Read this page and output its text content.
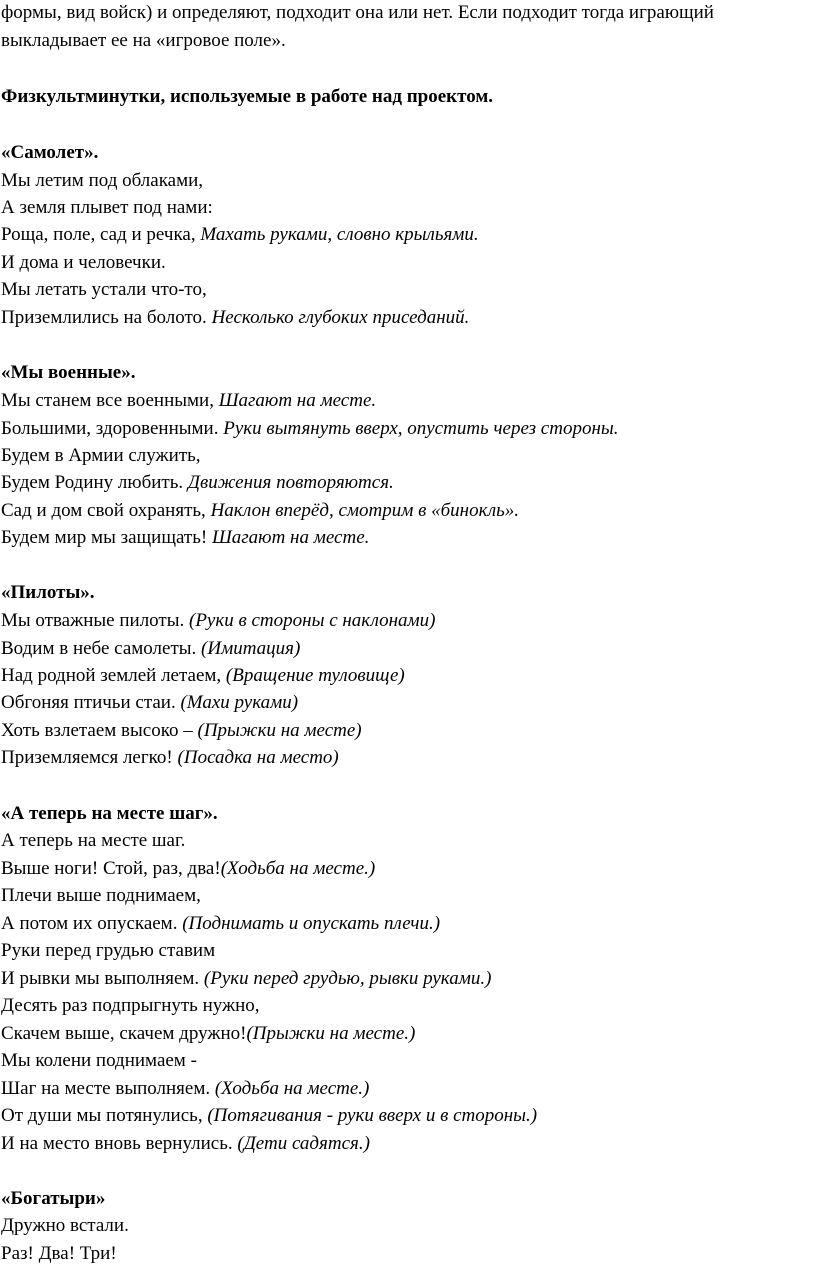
формы, вид войск) и определяют, подходит она или нет. Если подходит тогда играющий
выкладывает ее на «игровое поле».
Физкультминутки, используемые в работе над проектом.
«Самолет».
Мы летим под облаками,
А земля плывет под нами:
Роща, поле, сад и речка, Махать руками, словно крыльями.
И дома и человечки.
Мы летать устали что-то,
Приземлились на болото. Несколько глубоких приседаний.
«Мы военные».
Мы станем все военными, Шагают на месте.
Большими, здоровенными. Руки вытянуть вверх, опустить через стороны.
Будем в Армии служить,
Будем Родину любить. Движения повторяются.
Сад и дом свой охранять, Наклон вперёд, смотрим в «бинокль».
Будем мир мы защищать! Шагают на месте.
«Пилоты».
Мы отважные пилоты. (Руки в стороны с наклонами)
Водим в небе самолеты. (Имитация)
Над родной землей летаем, (Вращение туловище)
Обгоняя птичьи стаи. (Махи руками)
Хоть взлетаем высоко – (Прыжки на месте)
Приземляемся легко! (Посадка на место)
«А теперь на месте шаг».
А теперь на месте шаг.
Выше ноги! Стой, раз, два!(Ходьба на месте.)
Плечи выше поднимаем,
А потом их опускаем. (Поднимать и опускать плечи.)
Руки перед грудью ставим
И рывки мы выполняем. (Руки перед грудью, рывки руками.)
Десять раз подпрыгнуть нужно,
Скачем выше, скачем дружно!(Прыжки на месте.)
Мы колени поднимаем -
Шаг на месте выполняем. (Ходьба на месте.)
От души мы потянулись, (Потягивания - руки вверх и в стороны.)
И на место вновь вернулись. (Дети садятся.)
«Богатыри»
Дружно встали.
Раз! Два! Три!
